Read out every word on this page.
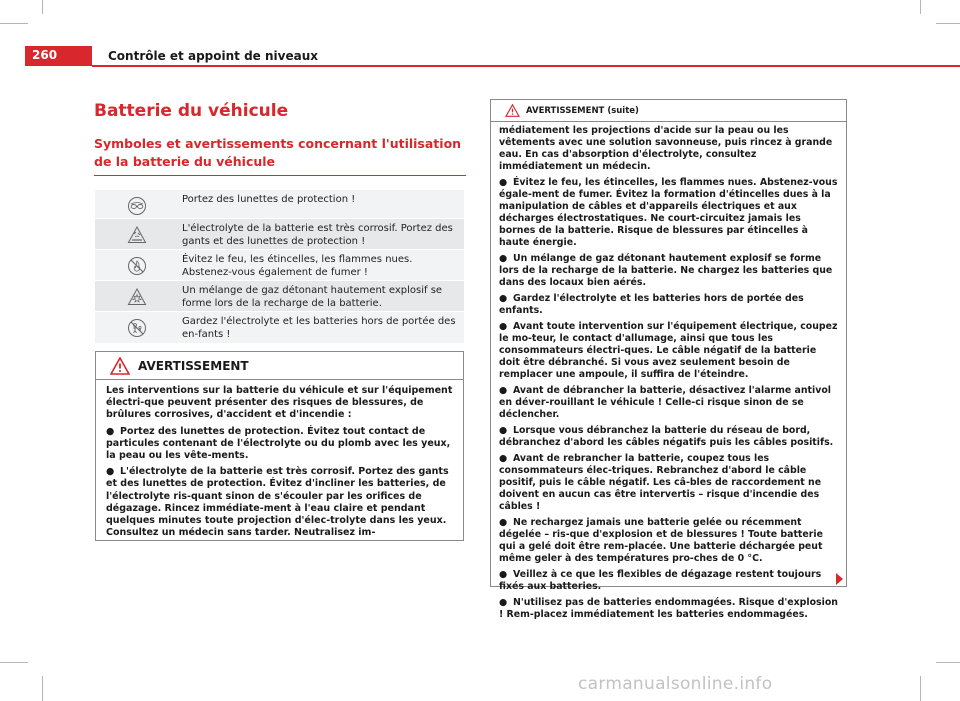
260	Contrôle et appoint de niveaux
Batterie du véhicule
Symboles et avertissements concernant l'utilisation de la batterie du véhicule
Portez des lunettes de protection !
L'électrolyte de la batterie est très corrosif. Portez des gants et des lunettes de protection !
Évitez le feu, les étincelles, les flammes nues. Abstenez-vous également de fumer !
Un mélange de gaz détonant hautement explosif se forme lors de la recharge de la batterie.
Gardez l'électrolyte et les batteries hors de portée des en-fants !
AVERTISSEMENT

Les interventions sur la batterie du véhicule et sur l'équipement électri-que peuvent présenter des risques de blessures, de brûlures corrosives, d'accident et d'incendie :

● Portez des lunettes de protection. Évitez tout contact de particules contenant de l'électrolyte ou du plomb avec les yeux, la peau ou les vête-ments.

● L'électrolyte de la batterie est très corrosif. Portez des gants et des lunettes de protection. Évitez d'incliner les batteries, de l'électrolyte ris-quant sinon de s'écouler par les orifices de dégazage. Rincez immédiate-ment à l'eau claire et pendant quelques minutes toute projection d'élec-trolyte dans les yeux. Consultez un médecin sans tarder. Neutralisez im-

AVERTISSEMENT (suite)

médiatement les projections d'acide sur la peau ou les vêtements avec une solution savonneuse, puis rincez à grande eau. En cas d'absorption d'électrolyte, consultez immédiatement un médecin.

● Évitez le feu, les étincelles, les flammes nues. Abstenez-vous égale-ment de fumer. Évitez la formation d'étincelles dues à la manipulation de câbles et d'appareils électriques et aux décharges électrostatiques. Ne court-circuitez jamais les bornes de la batterie. Risque de blessures par étincelles à haute énergie.

● Un mélange de gaz détonant hautement explosif se forme lors de la recharge de la batterie. Ne chargez les batteries que dans des locaux bien aérés.

● Gardez l'électrolyte et les batteries hors de portée des enfants.

● Avant toute intervention sur l'équipement électrique, coupez le mo-teur, le contact d'allumage, ainsi que tous les consommateurs électri-ques. Le câble négatif de la batterie doit être débranché. Si vous avez seulement besoin de remplacer une ampoule, il suffira de l'éteindre.

● Avant de débrancher la batterie, désactivez l'alarme antivol en déver-rouillant le véhicule ! Celle-ci risque sinon de se déclencher.

● Lorsque vous débranchez la batterie du réseau de bord, débranchez d'abord les câbles négatifs puis les câbles positifs.

● Avant de rebrancher la batterie, coupez tous les consommateurs élec-triques. Rebranchez d'abord le câble positif, puis le câble négatif. Les câ-bles de raccordement ne doivent en aucun cas être intervertis – risque d'incendie des câbles !

● Ne rechargez jamais une batterie gelée ou récemment dégelée – ris-que d'explosion et de blessures ! Toute batterie qui a gelé doit être rem-placée. Une batterie déchargée peut même geler à des températures pro-ches de 0 °C.

● Veillez à ce que les flexibles de dégazage restent toujours fixés aux batteries.

● N'utilisez pas de batteries endommagées. Risque d'explosion ! Rem-placez immédiatement les batteries endommagées.

carmanualsonline.info
